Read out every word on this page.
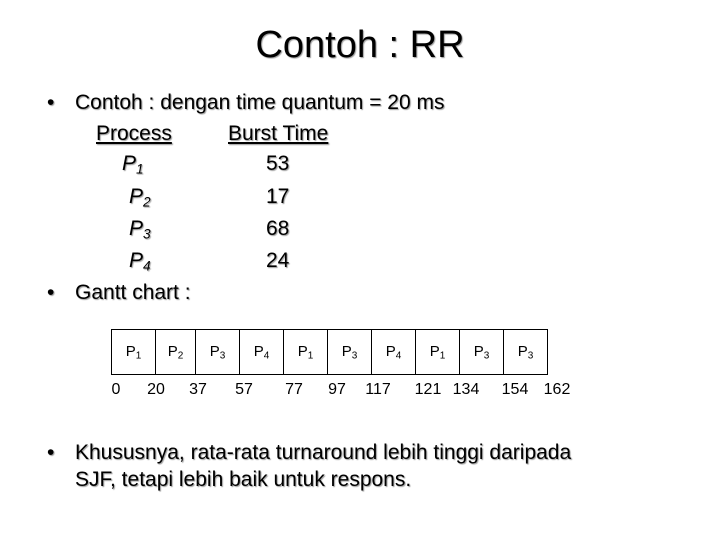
Contoh : RR
• Contoh : dengan time quantum = 20 ms
Process	Burst Time
$P_1$	53
$P_2$	17
$P_3$	68
$P_4$	24
• Gantt chart :
$P_1$ $P_2$ $P_3$ $P_4$ $P_1$ $P_3$ $P_4$ $P_1$ $P_3$ $P_3$
0 20 37 57 77 97 117 121 134 154 162
• Khususnya, rata-rata turnaround lebih tinggi daripada
SJF, tetapi lebih baik untuk respons.
